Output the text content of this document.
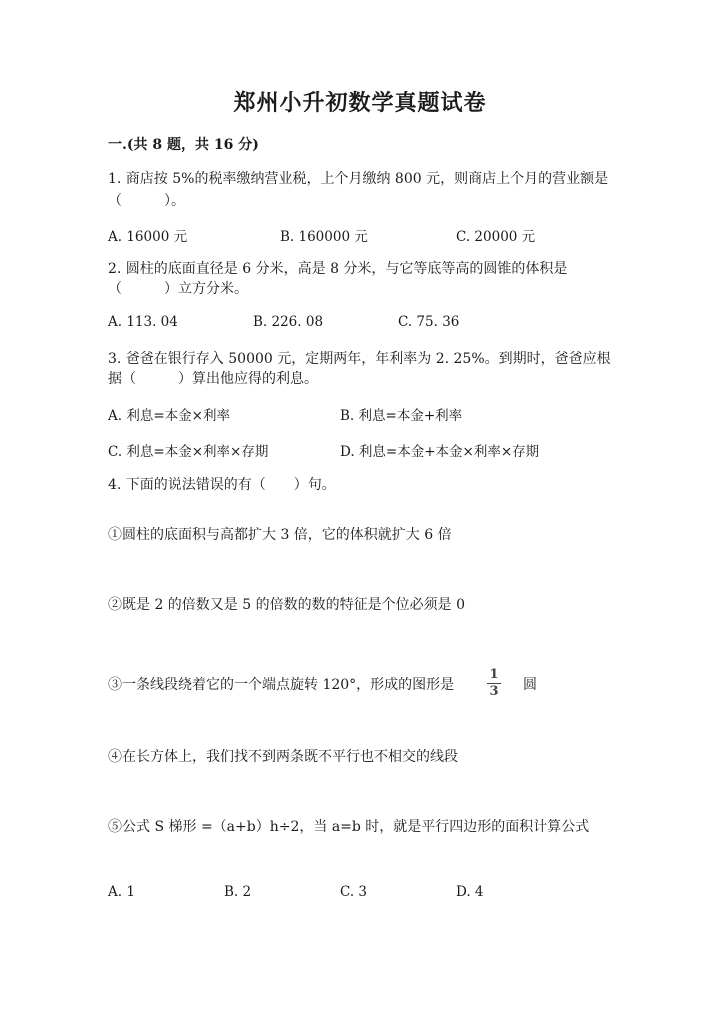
郑州小升初数学真题试卷
一.(共 8 题，共 16 分)
1. 商店按 5%的税率缴纳营业税，上个月缴纳 800 元，则商店上个月的营业额是
（　　　）。
A. 16000 元	B. 160000 元	C. 20000 元
2. 圆柱的底面直径是 6 分米，高是 8 分米，与它等底等高的圆锥的体积是
（　　　）立方分米。
A. 113. 04	B. 226. 08	C. 75. 36
3. 爸爸在银行存入 50000 元，定期两年，年利率为 2. 25%。到期时，爸爸应根
据（　　　）算出他应得的利息。
A. 利息=本金×利率	B. 利息=本金+利率
C. 利息=本金×利率×存期	D. 利息=本金+本金×利率×存期
4. 下面的说法错误的有（　　）句。
①圆柱的底面积与高都扩大 3 倍，它的体积就扩大 6 倍
②既是 2 的倍数又是 5 的倍数的数的特征是个位必须是 0
③一条线段绕着它的一个端点旋转 120°，形成的图形是
1
3 圆
④在长方体上，我们找不到两条既不平行也不相交的线段
⑤公式 S 梯形 =（a+b）h÷2，当 a=b 时，就是平行四边形的面积计算公式
A. 1	B. 2	C. 3	D. 4
